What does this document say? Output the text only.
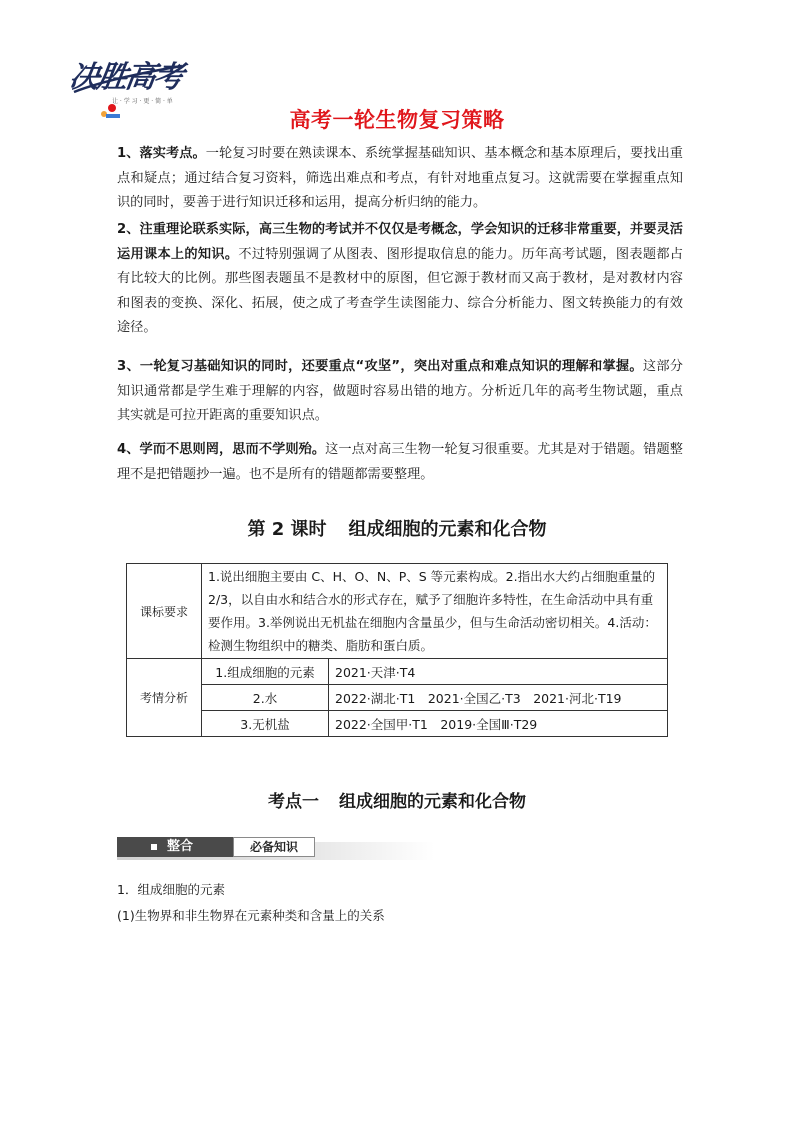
决胜高考
让 · 学 习 · 更 · 简 · 单
高考一轮生物复习策略

1、落实考点。一轮复习时要在熟读课本、系统掌握基础知识、基本概念和基本原理后，要找出重点和疑点；通过结合复习资料，筛选出难点和考点，有针对地重点复习。这就需要在掌握重点知识的同时，要善于进行知识迁移和运用，提高分析归纳的能力。

2、注重理论联系实际，高三生物的考试并不仅仅是考概念，学会知识的迁移非常重要，并要灵活运用课本上的知识。不过特别强调了从图表、图形提取信息的能力。历年高考试题，图表题都占有比较大的比例。那些图表题虽不是教材中的原图，但它源于教材而又高于教材，是对教材内容和图表的变换、深化、拓展，使之成了考查学生读图能力、综合分析能力、图文转换能力的有效途径。

3、一轮复习基础知识的同时，还要重点“攻坚”，突出对重点和难点知识的理解和掌握。这部分知识通常都是学生难于理解的内容，做题时容易出错的地方。分析近几年的高考生物试题，重点其实就是可拉开距离的重要知识点。

4、学而不思则罔，思而不学则殆。这一点对高三生物一轮复习很重要。尤其是对于错题。错题整理不是把错题抄一遍。也不是所有的错题都需要整理。

第 2 课时 组成细胞的元素和化合物
课标要求	1.说出细胞主要由 C、H、O、N、P、S 等元素构成。2.指出水大约占细胞重量的 2/3，以自由水和结合水的形式存在，赋予了细胞许多特性，在生命活动中具有重要作用。3.举例说出无机盐在细胞内含量虽少，但与生命活动密切相关。4.活动：检测生物组织中的糖类、脂肪和蛋白质。	
考情分析	1.组成细胞的元素	2021·天津·T4
	2.水	2022·湖北·T1　2021·全国乙·T3　2021·河北·T19
	3.无机盐	2022·全国甲·T1　2019·全国Ⅲ·T29
考点一 组成细胞的元素和化合物
整合	必备知识
1．组成细胞的元素
(1)生物界和非生物界在元素种类和含量上的关系
